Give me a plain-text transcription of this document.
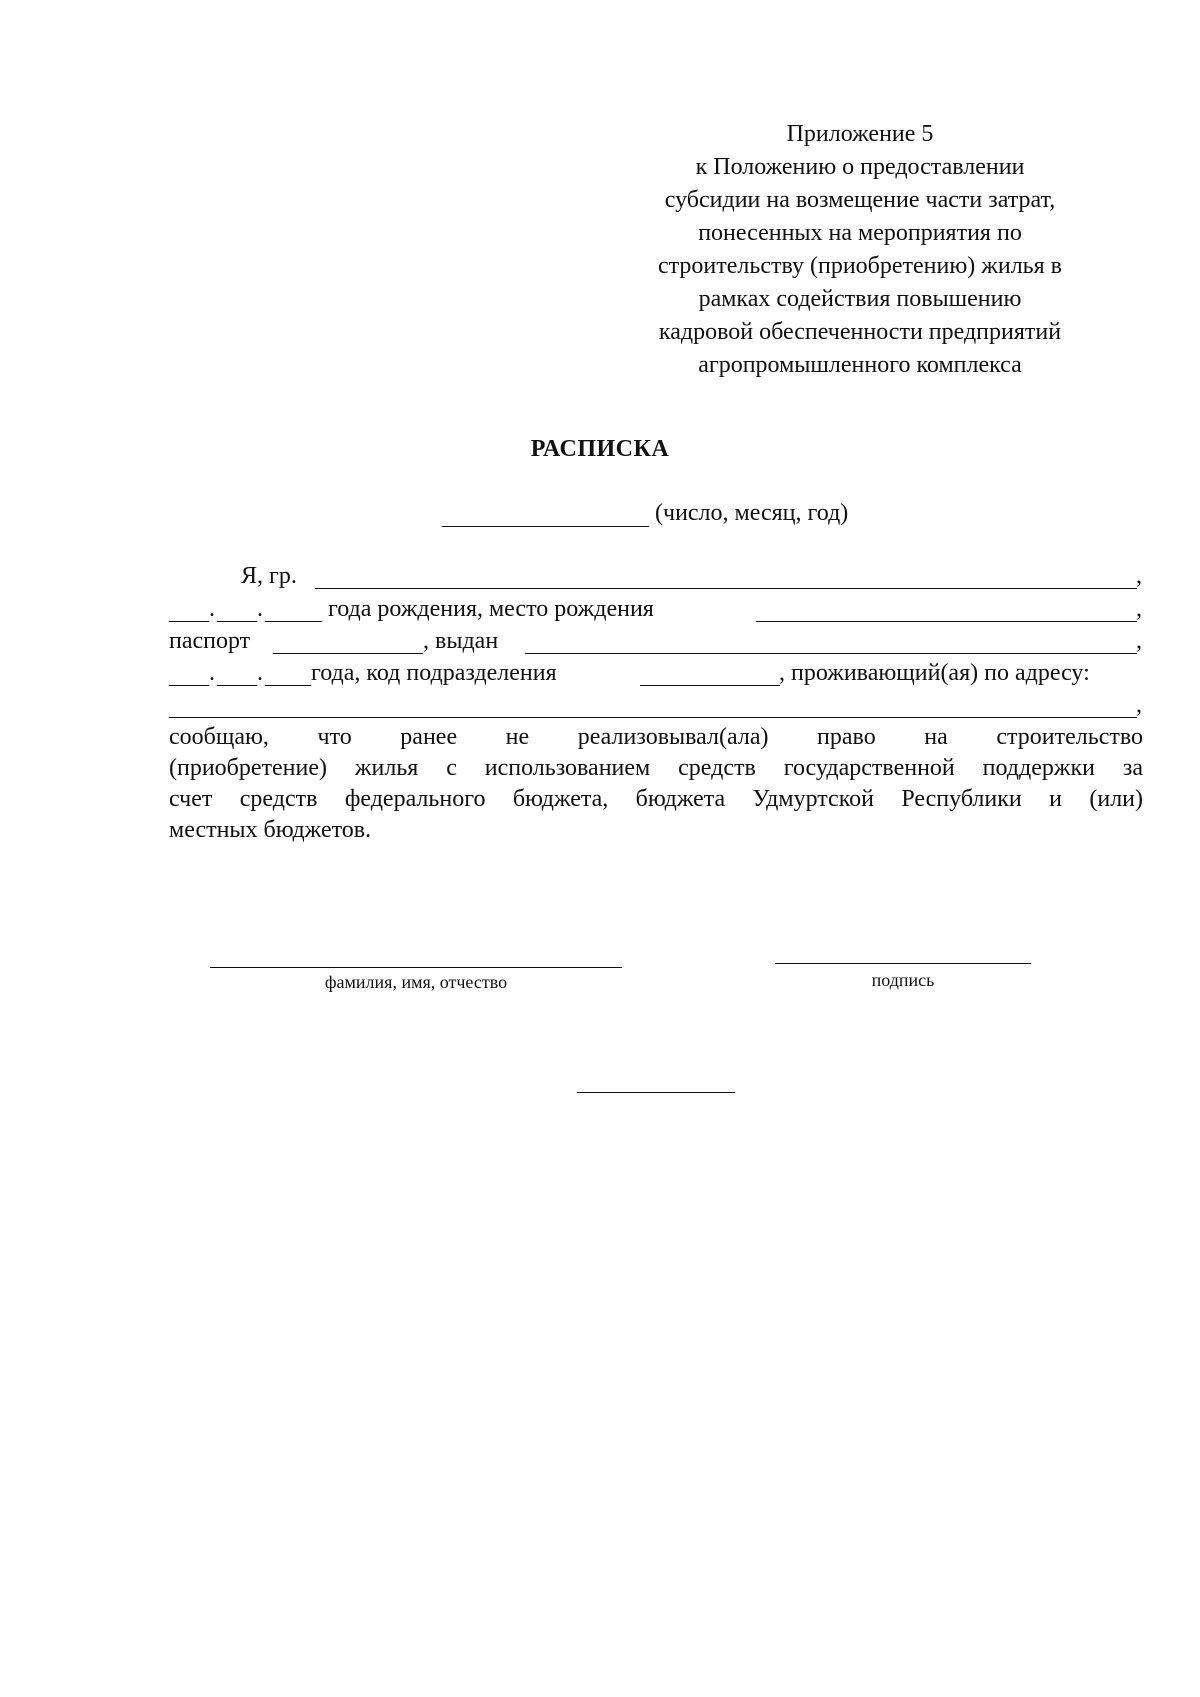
Приложение 5
к Положению о предоставлении
субсидии на возмещение части затрат,
понесенных на мероприятия по
строительству (приобретению) жилья в
рамках содействия повышению
кадровой обеспеченности предприятий
агропромышленного комплекса
РАСПИСКА
(число, месяц, год)
Я, гр.	,
. .	года рождения, место рождения	,
паспорт	, выдан	,
. . года, код подразделения	, проживающий(ая) по адресу:
,
сообщаю, что ранее не реализовывал(ала) право на строительство
(приобретение) жилья с использованием средств государственной поддержки за
счет средств федерального бюджета, бюджета Удмуртской Республики и (или)
местных бюджетов.
фамилия, имя, отчество	подпись
